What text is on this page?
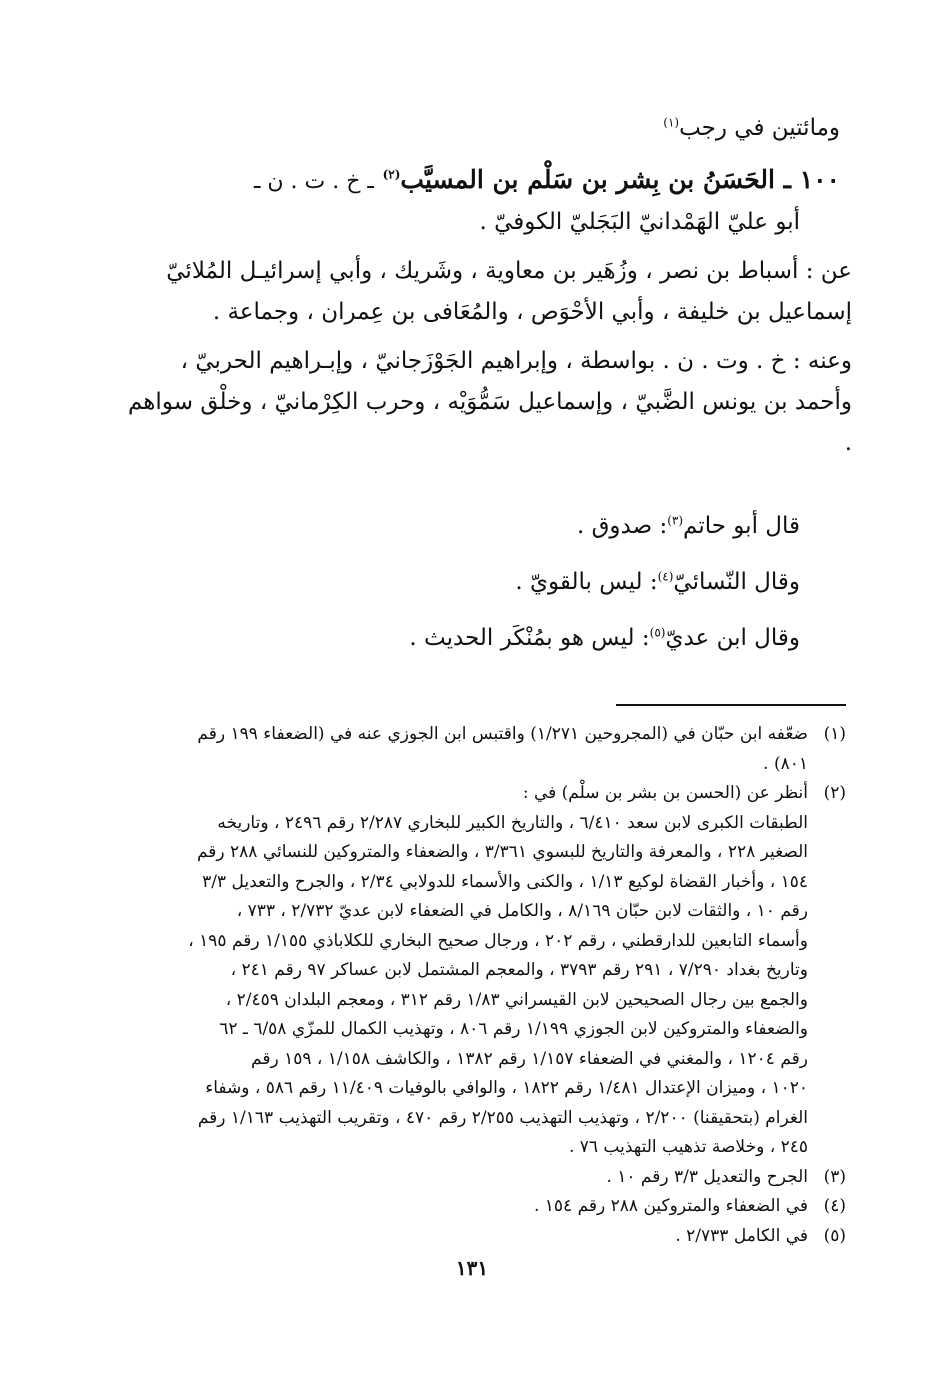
ومائتين في رجب$^{(١)}$

١٠٠ ـ الحَسَنُ بن بِشر بن سَلْم بن المسيَّب$^{(٢)}$ ـ خ . ت . ن ـ

أبو عليّ الهَمْدانيّ البَجَليّ الكوفيّ .

عن : أسباط بن نصر ، وزُهَير بن معاوية ، وشَريك ، وأبي إسرائيـل المُلائيّ

إسماعيل بن خليفة ، وأبي الأحْوَص ، والمُعَافى بن عِمران ، وجماعة .

وعنه : خ . وت . ن . بواسطة ، وإبراهيم الجَوْزَجانيّ ، وإبـراهيم الحربيّ ،

وأحمد بن يونس الضَّبيّ ، وإسماعيل سَمُّوَيْه ، وحرب الكِرْمانيّ ، وخلْق سواهم .

قال أبو حاتم$^{(٣)}$: صدوق .

وقال النّسائيّ$^{(٤)}$: ليس بالقويّ .

وقال ابن عديّ$^{(٥)}$: ليس هو بمُنْكَر الحديث .

(١)
ضعّفه ابن حبّان في (المجروحين ١/٢٧١) واقتبس ابن الجوزي عنه في (الضعفاء ١٩٩ رقم
٨٠١) .
(٢)
أنظر عن (الحسن بن بشر بن سلْم) في :
الطبقات الكبرى لابن سعد ٦/٤١٠ ، والتاريخ الكبير للبخاري ٢/٢٨٧ رقم ٢٤٩٦ ، وتاريخه
الصغير ٢٢٨ ، والمعرفة والتاريخ للبسوي ٣/٣٦١ ، والضعفاء والمتروكين للنسائي ٢٨٨ رقم
١٥٤ ، وأخبار القضاة لوكيع ١/١٣ ، والكنى والأسماء للدولابي ٢/٣٤ ، والجرح والتعديل ٣/٣
رقم ١٠ ، والثقات لابن حبّان ٨/١٦٩ ، والكامل في الضعفاء لابن عديّ ٢/٧٣٢ ، ٧٣٣ ،
وأسماء التابعين للدارقطني ، رقم ٢٠٢ ، ورجال صحيح البخاري للكلاباذي ١/١٥٥ رقم ١٩٥ ،
وتاريخ بغداد ٧/٢٩٠ ، ٢٩١ رقم ٣٧٩٣ ، والمعجم المشتمل لابن عساكر ٩٧ رقم ٢٤١ ،
والجمع بين رجال الصحيحين لابن القيسراني ١/٨٣ رقم ٣١٢ ، ومعجم البلدان ٢/٤٥٩ ،
والضعفاء والمتروكين لابن الجوزي ١/١٩٩ رقم ٨٠٦ ، وتهذيب الكمال للمزّي ٦/٥٨ ـ ٦٢
رقم ١٢٠٤ ، والمغني في الضعفاء ١/١٥٧ رقم ١٣٨٢ ، والكاشف ١/١٥٨ ، ١٥٩ رقم
١٠٢٠ ، وميزان الإعتدال ١/٤٨١ رقم ١٨٢٢ ، والوافي بالوفيات ١١/٤٠٩ رقم ٥٨٦ ، وشفاء
الغرام (بتحقيقنا) ٢/٢٠٠ ، وتهذيب التهذيب ٢/٢٥٥ رقم ٤٧٠ ، وتقريب التهذيب ١/١٦٣ رقم
٢٤٥ ، وخلاصة تذهيب التهذيب ٧٦ .
(٣)
الجرح والتعديل ٣/٣ رقم ١٠ .
(٤)
في الضعفاء والمتروكين ٢٨٨ رقم ١٥٤ .
(٥)
في الكامل ٢/٧٣٣ .
١٣١
